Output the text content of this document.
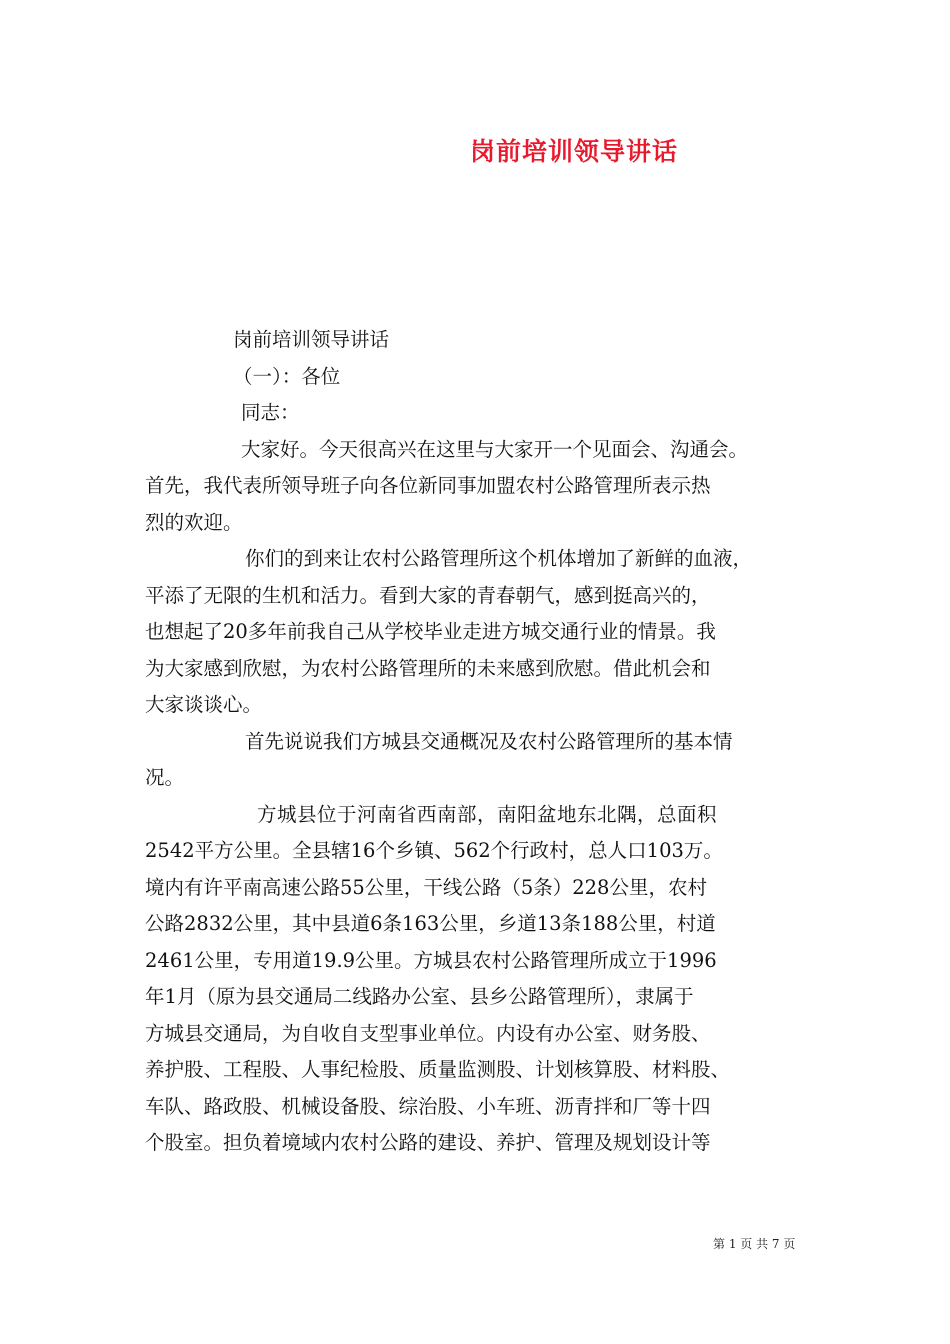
岗前培训领导讲话
岗前培训领导讲话
（一）：各位
同志：
大家好。今天很高兴在这里与大家开一个见面会、沟通会。
首先，我代表所领导班子向各位新同事加盟农村公路管理所表示热
烈的欢迎。
你们的到来让农村公路管理所这个机体增加了新鲜的血液，
平添了无限的生机和活力。看到大家的青春朝气，感到挺高兴的，
也想起了20多年前我自己从学校毕业走进方城交通行业的情景。我
为大家感到欣慰，为农村公路管理所的未来感到欣慰。借此机会和
大家谈谈心。
首先说说我们方城县交通概况及农村公路管理所的基本情
况。
方城县位于河南省西南部，南阳盆地东北隅，总面积
2542平方公里。全县辖16个乡镇、562个行政村，总人口103万。
境内有许平南高速公路55公里，干线公路（5条）228公里，农村
公路2832公里，其中县道6条163公里，乡道13条188公里，村道
2461公里，专用道19.9公里。方城县农村公路管理所成立于1996
年1月（原为县交通局二线路办公室、县乡公路管理所），隶属于
方城县交通局，为自收自支型事业单位。内设有办公室、财务股、
养护股、工程股、人事纪检股、质量监测股、计划核算股、材料股、
车队、路政股、机械设备股、综治股、小车班、沥青拌和厂等十四
个股室。担负着境域内农村公路的建设、养护、管理及规划设计等
第 1 页 共 7 页
